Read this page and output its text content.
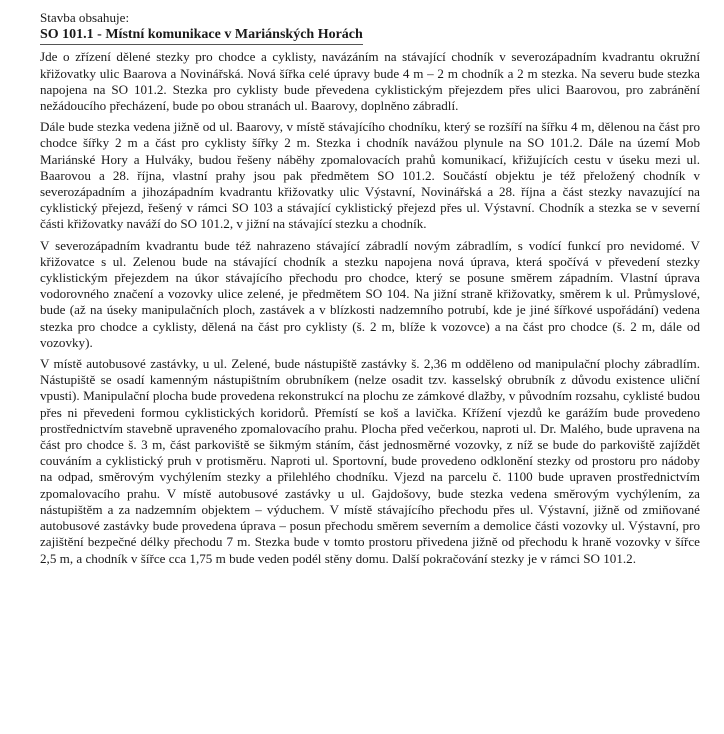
Stavba obsahuje:

SO 101.1 - Místní komunikace v Mariánských Horách

Jde o zřízení dělené stezky pro chodce a cyklisty, navázáním na stávající chodník v severozápadním kvadrantu okružní křižovatky ulic Baarova a Novinářská. Nová šířka celé úpravy bude 4 m – 2 m chodník a 2 m stezka. Na severu bude stezka napojena na SO 101.2. Stezka pro cyklisty bude převedena cyklistickým přejezdem přes ulici Baarovou, pro zabránění nežádoucího přecházení, bude po obou stranách ul. Baarovy, doplněno zábradlí.

Dále bude stezka vedena jižně od ul. Baarovy, v místě stávajícího chodníku, který se rozšíří na šířku 4 m, dělenou na část pro chodce šířky 2 m a část pro cyklisty šířky 2 m. Stezka i chodník navážou plynule na SO 101.2. Dále na území Mob Mariánské Hory a Hulváky, budou řešeny náběhy zpomalovacích prahů komunikací, křižujících cestu v úseku mezi ul. Baarovou a 28. října, vlastní prahy jsou pak předmětem SO 101.2. Součástí objektu je též přeložený chodník v severozápadním a jihozápadním kvadrantu křižovatky ulic Výstavní, Novinářská a 28. října a část stezky navazující na cyklistický přejezd, řešený v rámci SO 103 a stávající cyklistický přejezd přes ul. Výstavní. Chodník a stezka se v severní části křižovatky naváží do SO 101.2, v jižní na stávající stezku a chodník.

V severozápadním kvadrantu bude též nahrazeno stávající zábradlí novým zábradlím, s vodící funkcí pro nevidomé. V křižovatce s ul. Zelenou bude na stávající chodník a stezku napojena nová úprava, která spočívá v převedení stezky cyklistickým přejezdem na úkor stávajícího přechodu pro chodce, který se posune směrem západním. Vlastní úprava vodorovného značení a vozovky ulice zelené, je předmětem SO 104. Na jižní straně křižovatky, směrem k ul. Průmyslové, bude (až na úseky manipulačních ploch, zastávek a v blízkosti nadzemního potrubí, kde je jiné šířkové uspořádání) vedena stezka pro chodce a cyklisty, dělená na část pro cyklisty (š. 2 m, blíže k vozovce) a na část pro chodce (š. 2 m, dále od vozovky).

V místě autobusové zastávky, u ul. Zelené, bude nástupiště zastávky š. 2,36 m odděleno od manipulační plochy zábradlím. Nástupiště se osadí kamenným nástupištním obrubníkem (nelze osadit tzv. kasselský obrubník z důvodu existence uliční vpusti). Manipulační plocha bude provedena rekonstrukcí na plochu ze zámkové dlažby, v původním rozsahu, cyklisté budou přes ni převedeni formou cyklistických koridorů. Přemístí se koš a lavička. Křížení vjezdů ke garážím bude provedeno prostřednictvím stavebně upraveného zpomalovacího prahu. Plocha před večerkou, naproti ul. Dr. Malého, bude upravena na část pro chodce š. 3 m, část parkoviště se šikmým stáním, část jednosměrné vozovky, z níž se bude do parkoviště zajíždět couváním a cyklistický pruh v protisměru. Naproti ul. Sportovní, bude provedeno odklonění stezky od prostoru pro nádoby na odpad, směrovým vychýlením stezky a přilehlého chodníku. Vjezd na parcelu č. 1100 bude upraven prostřednictvím zpomalovacího prahu. V místě autobusové zastávky u ul. Gajdošovy, bude stezka vedena směrovým vychýlením, za nástupištěm a za nadzemním objektem – výduchem. V místě stávajícího přechodu přes ul. Výstavní, jižně od zmiňované autobusové zastávky bude provedena úprava – posun přechodu směrem severním a demolice části vozovky ul. Výstavní, pro zajištění bezpečné délky přechodu 7 m. Stezka bude v tomto prostoru přivedena jižně od přechodu k hraně vozovky v šířce 2,5 m, a chodník v šířce cca 1,75 m bude veden podél stěny domu. Další pokračování stezky je v rámci SO 101.2.
